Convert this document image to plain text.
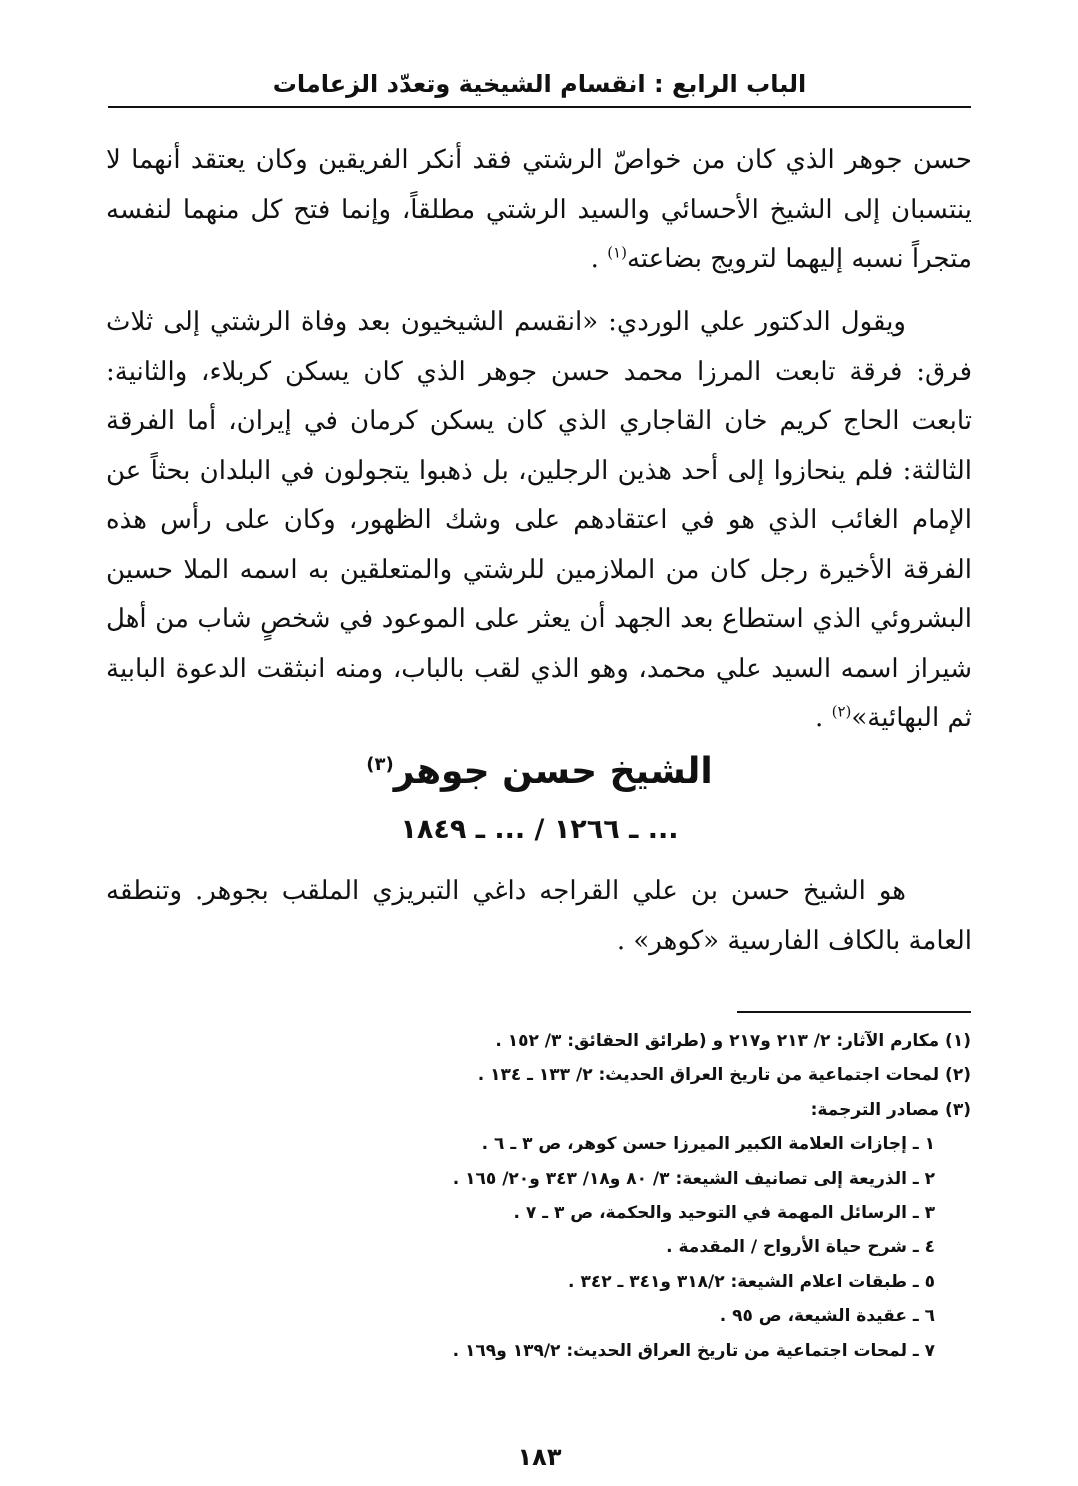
الباب الرابع : انقسام الشيخية وتعدّد الزعامات

حسن جوهر الذي كان من خواصّ الرشتي فقد أنكر الفريقين وكان يعتقد أنهما لا ينتسبان إلى الشيخ الأحسائي والسيد الرشتي مطلقاً، وإنما فتح كل منهما لنفسه متجراً نسبه إليهما لترويج بضاعته$^{(١)}$ .

ويقول الدكتور علي الوردي: «انقسم الشيخيون بعد وفاة الرشتي إلى ثلاث فرق: فرقة تابعت المرزا محمد حسن جوهر الذي كان يسكن كربلاء، والثانية: تابعت الحاج كريم خان القاجاري الذي كان يسكن كرمان في إيران، أما الفرقة الثالثة: فلم ينحازوا إلى أحد هذين الرجلين، بل ذهبوا يتجولون في البلدان بحثاً عن الإمام الغائب الذي هو في اعتقادهم على وشك الظهور، وكان على رأس هذه الفرقة الأخيرة رجل كان من الملازمين للرشتي والمتعلقين به اسمه الملا حسين البشروئي الذي استطاع بعد الجهد أن يعثر على الموعود في شخصٍ شاب من أهل شيراز اسمه السيد علي محمد، وهو الذي لقب بالباب، ومنه انبثقت الدعوة البابية ثم البهائية»$^{(٢)}$ .

الشيخ حسن جوهر$^{(٣)}$
... ـ ١٢٦٦ / ... ـ ١٨٤٩

هو الشيخ حسن بن علي القراجه داغي التبريزي الملقب بجوهر. وتنطقه العامة بالكاف الفارسية «كوهر» .

(١) مكارم الآثار: ٢/ ٢١٣ و٢١٧ و (طرائق الحقائق: ٣/ ١٥٢ .
(٢) لمحات اجتماعية من تاريخ العراق الحديث: ٢/ ١٣٣ ـ ١٣٤ .
(٣) مصادر الترجمة:
١ ـ إجازات العلامة الكبير الميرزا حسن كوهر، ص ٣ ـ ٦ .
٢ ـ الذريعة إلى تصانيف الشيعة: ٣/ ٨٠ و١٨/ ٣٤٣ و٢٠/ ١٦٥ .
٣ ـ الرسائل المهمة في التوحيد والحكمة، ص ٣ ـ ٧ .
٤ ـ شرح حياة الأرواح / المقدمة .
٥ ـ طبقات اعلام الشيعة: ٣١٨/٢ و٣٤١ ـ ٣٤٢ .
٦ ـ عقيدة الشيعة، ص ٩٥ .
٧ ـ لمحات اجتماعية من تاريخ العراق الحديث: ١٣٩/٢ و١٦٩ .
١٨٣
